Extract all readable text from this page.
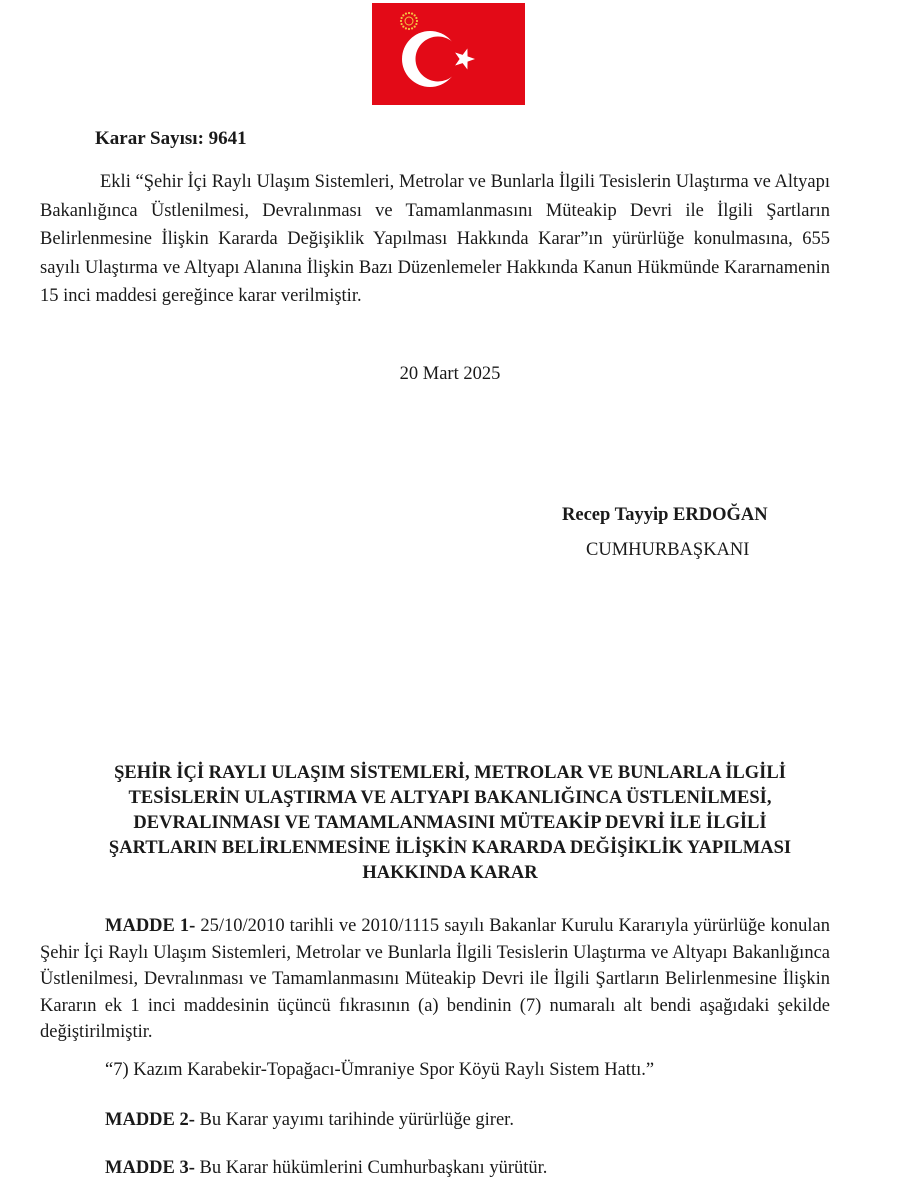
Karar Sayısı: 9641

Ekli “Şehir İçi Raylı Ulaşım Sistemleri, Metrolar ve Bunlarla İlgili Tesislerin Ulaştırma ve Altyapı Bakanlığınca Üstlenilmesi, Devralınması ve Tamamlanmasını Müteakip Devri ile İlgili Şartların Belirlenmesine İlişkin Kararda Değişiklik Yapılması Hakkında Karar”ın yürürlüğe konulmasına, 655 sayılı Ulaştırma ve Altyapı Alanına İlişkin Bazı Düzenlemeler Hakkında Kanun Hükmünde Kararnamenin 15 inci maddesi gereğince karar verilmiştir.

20 Mart 2025

Recep Tayyip ERDOĞAN

CUMHURBAŞKANI

ŞEHİR İÇİ RAYLI ULAŞIM SİSTEMLERİ, METROLAR VE BUNLARLA İLGİLİ
TESİSLERİN ULAŞTIRMA VE ALTYAPI BAKANLIĞINCA ÜSTLENİLMESİ,
DEVRALINMASI VE TAMAMLANMASINI MÜTEAKİP DEVRİ İLE İLGİLİ
ŞARTLARIN BELİRLENMESİNE İLİŞKİN KARARDA DEĞİŞİKLİK YAPILMASI
HAKKINDA KARAR

MADDE 1- 25/10/2010 tarihli ve 2010/1115 sayılı Bakanlar Kurulu Kararıyla yürürlüğe konulan Şehir İçi Raylı Ulaşım Sistemleri, Metrolar ve Bunlarla İlgili Tesislerin Ulaştırma ve Altyapı Bakanlığınca Üstlenilmesi, Devralınması ve Tamamlanmasını Müteakip Devri ile İlgili Şartların Belirlenmesine İlişkin Kararın ek 1 inci maddesinin üçüncü fıkrasının (a) bendinin (7) numaralı alt bendi aşağıdaki şekilde değiştirilmiştir.

“7) Kazım Karabekir-Topağacı-Ümraniye Spor Köyü Raylı Sistem Hattı.”

MADDE 2- Bu Karar yayımı tarihinde yürürlüğe girer.

MADDE 3- Bu Karar hükümlerini Cumhurbaşkanı yürütür.
